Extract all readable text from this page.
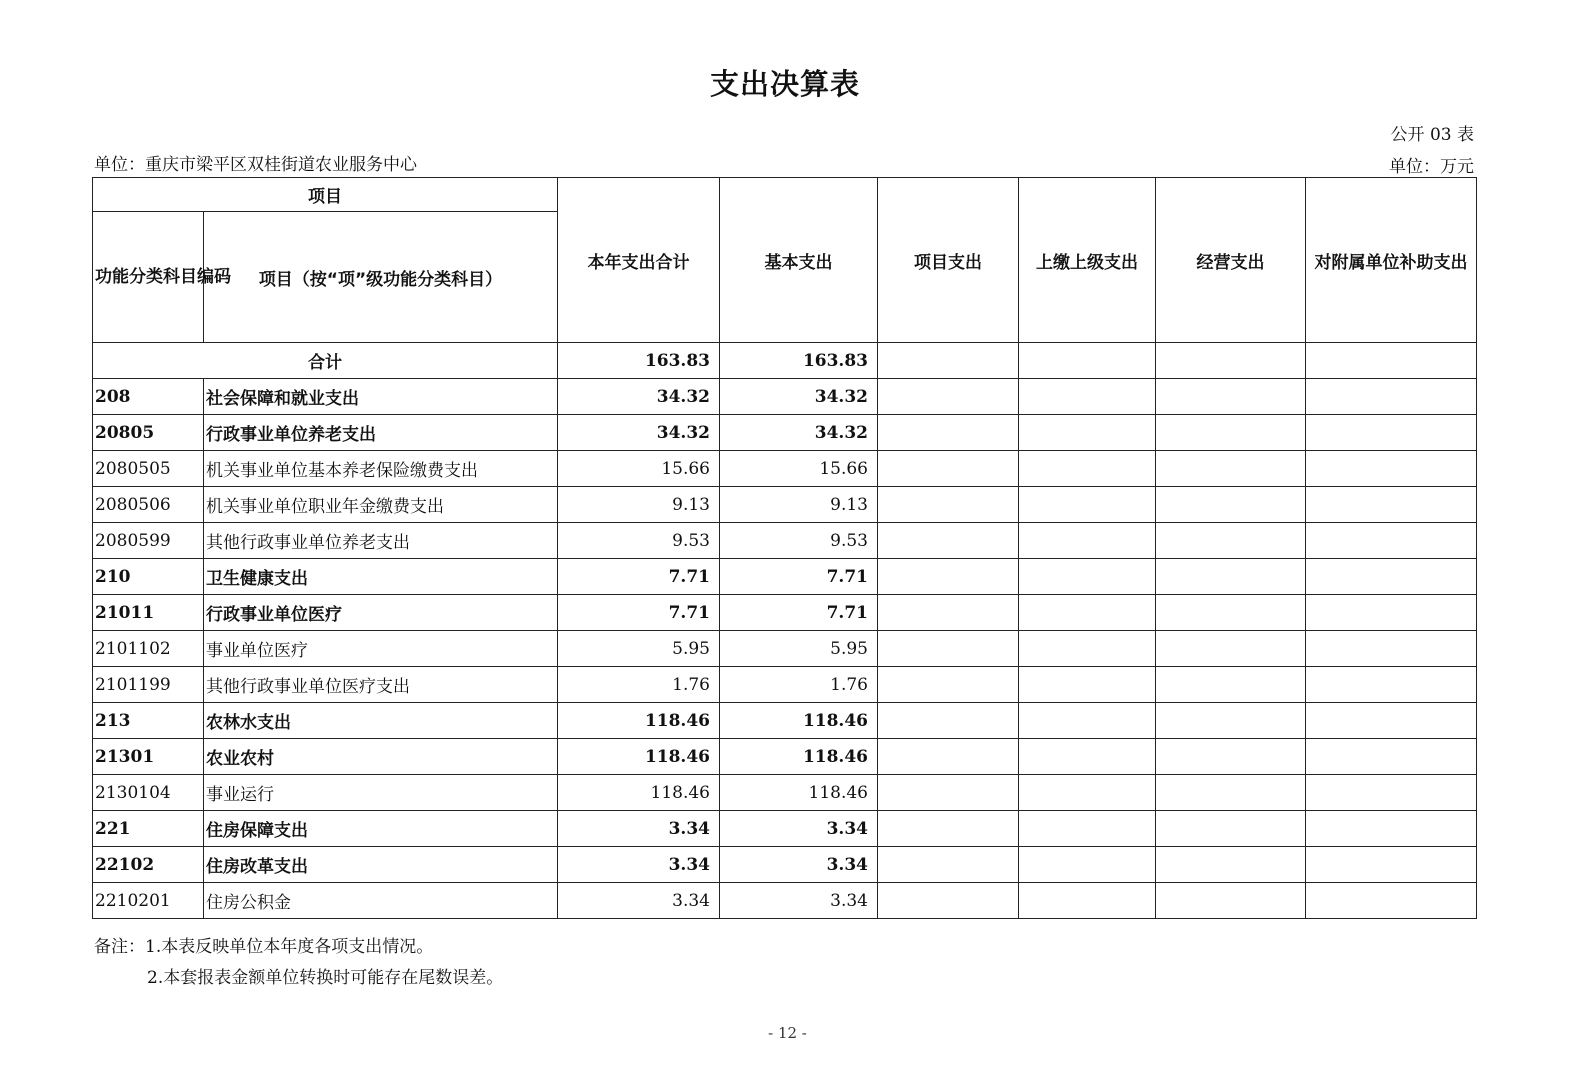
支出决算表
公开 03 表
单位：重庆市梁平区双桂街道农业服务中心	单位：万元
项目		本年支出合计	基本支出	项目支出	上缴上级支出	经营支出	对附属单位补助支出
功能分类科目编码	项目（按“项”级功能分类科目）						
合计		163.83	163.83				
208	社会保障和就业支出	34.32	34.32				
20805	行政事业单位养老支出	34.32	34.32				
2080505	机关事业单位基本养老保险缴费支出	15.66	15.66				
2080506	机关事业单位职业年金缴费支出	9.13	9.13				
2080599	其他行政事业单位养老支出	9.53	9.53				
210	卫生健康支出	7.71	7.71				
21011	行政事业单位医疗	7.71	7.71				
2101102	事业单位医疗	5.95	5.95				
2101199	其他行政事业单位医疗支出	1.76	1.76				
213	农林水支出	118.46	118.46				
21301	农业农村	118.46	118.46				
2130104	事业运行	118.46	118.46				
221	住房保障支出	3.34	3.34				
22102	住房改革支出	3.34	3.34				
2210201	住房公积金	3.34	3.34				
备注：1.本表反映单位本年度各项支出情况。
2.本套报表金额单位转换时可能存在尾数误差。
- 12 -
